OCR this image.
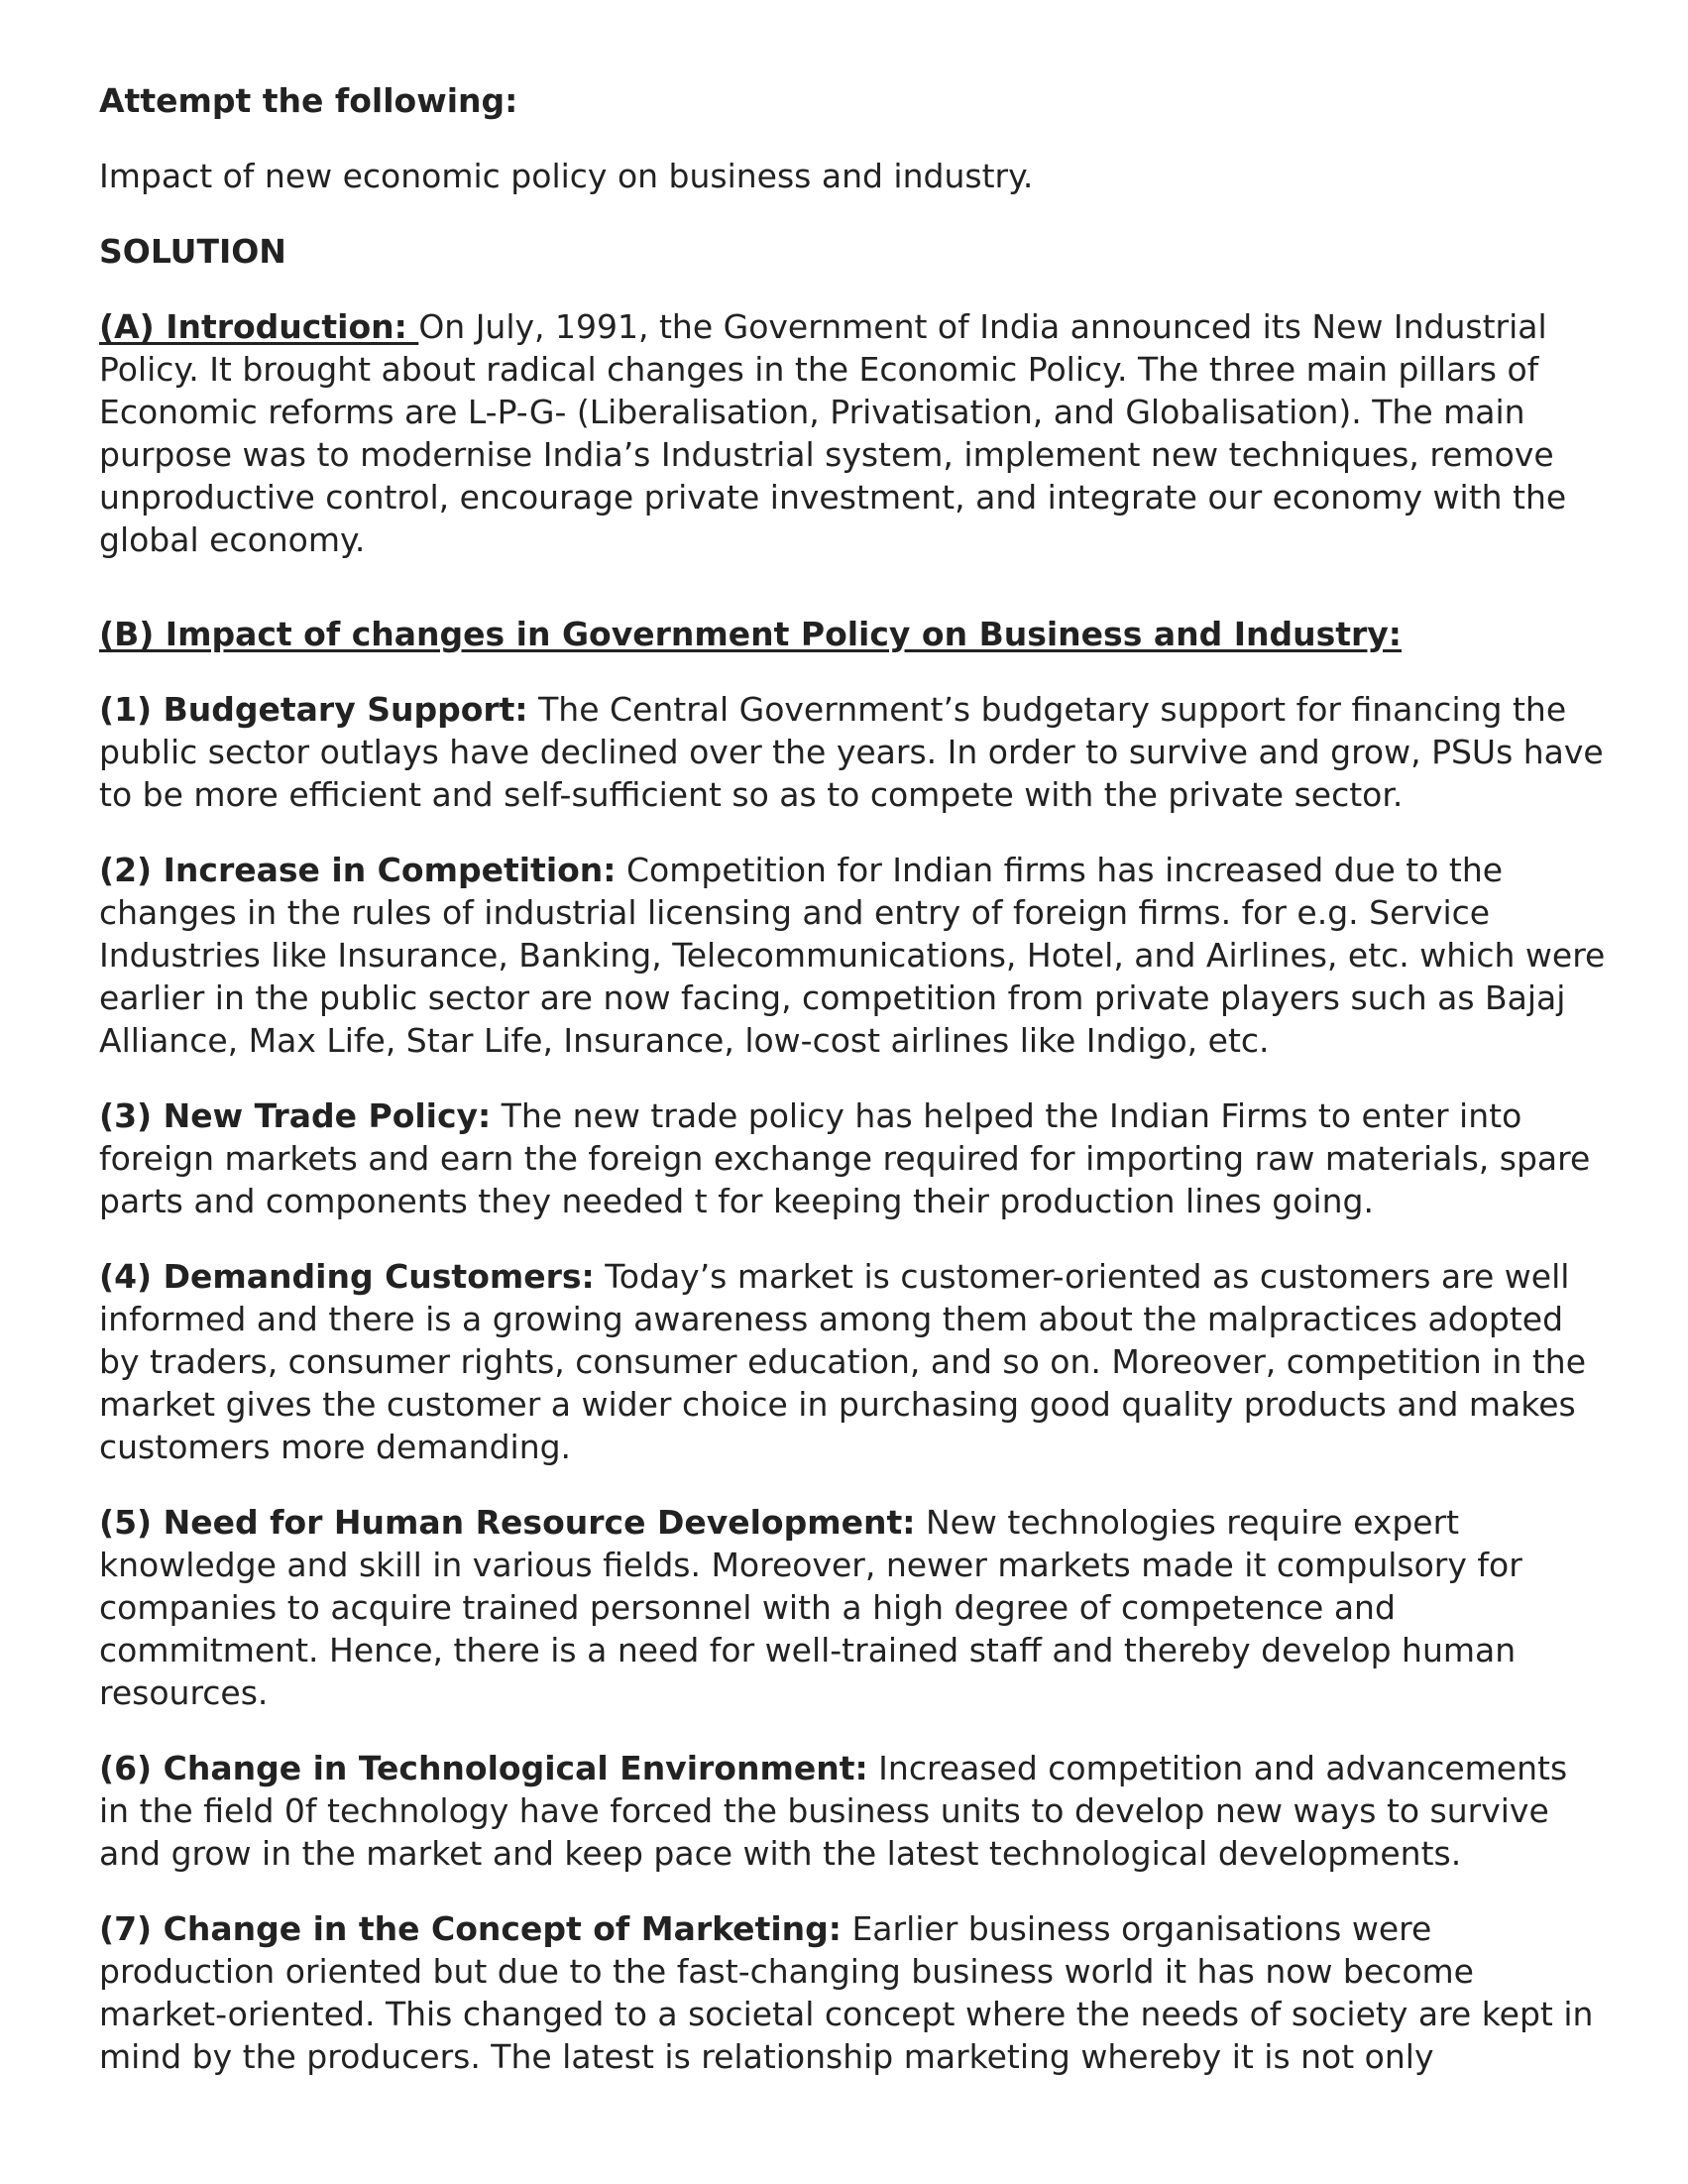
Attempt the following:

Impact of new economic policy on business and industry.

SOLUTION

(A) Introduction: On July, 1991, the Government of India announced its New Industrial Policy. It brought about radical changes in the Economic Policy. The three main pillars of Economic reforms are L-P-G- (Liberalisation, Privatisation, and Globalisation). The main purpose was to modernise India’s Industrial system, implement new techniques, remove unproductive control, encourage private investment, and integrate our economy with the global economy.

(B) Impact of changes in Government Policy on Business and Industry:

(1) Budgetary Support: The Central Government’s budgetary support for financing the public sector outlays have declined over the years. In order to survive and grow, PSUs have to be more efficient and self-sufficient so as to compete with the private sector.

(2) Increase in Competition: Competition for Indian firms has increased due to the changes in the rules of industrial licensing and entry of foreign firms. for e.g. Service Industries like Insurance, Banking, Telecommunications, Hotel, and Airlines, etc. which were earlier in the public sector are now facing, competition from private players such as Bajaj Alliance, Max Life, Star Life, Insurance, low-cost airlines like Indigo, etc.

(3) New Trade Policy: The new trade policy has helped the Indian Firms to enter into foreign markets and earn the foreign exchange required for importing raw materials, spare parts and components they needed t for keeping their production lines going.

(4) Demanding Customers: Today’s market is customer-oriented as customers are well informed and there is a growing awareness among them about the malpractices adopted by traders, consumer rights, consumer education, and so on. Moreover, competition in the market gives the customer a wider choice in purchasing good quality products and makes customers more demanding.

(5) Need for Human Resource Development: New technologies require expert knowledge and skill in various fields. Moreover, newer markets made it compulsory for companies to acquire trained personnel with a high degree of competence and commitment. Hence, there is a need for well-trained staff and thereby develop human resources.

(6) Change in Technological Environment: Increased competition and advancements in the field 0f technology have forced the business units to develop new ways to survive and grow in the market and keep pace with the latest technological developments.

(7) Change in the Concept of Marketing: Earlier business organisations were production oriented but due to the fast-changing business world it has now become market-oriented. This changed to a societal concept where the needs of society are kept in mind by the producers. The latest is relationship marketing whereby it is not only
